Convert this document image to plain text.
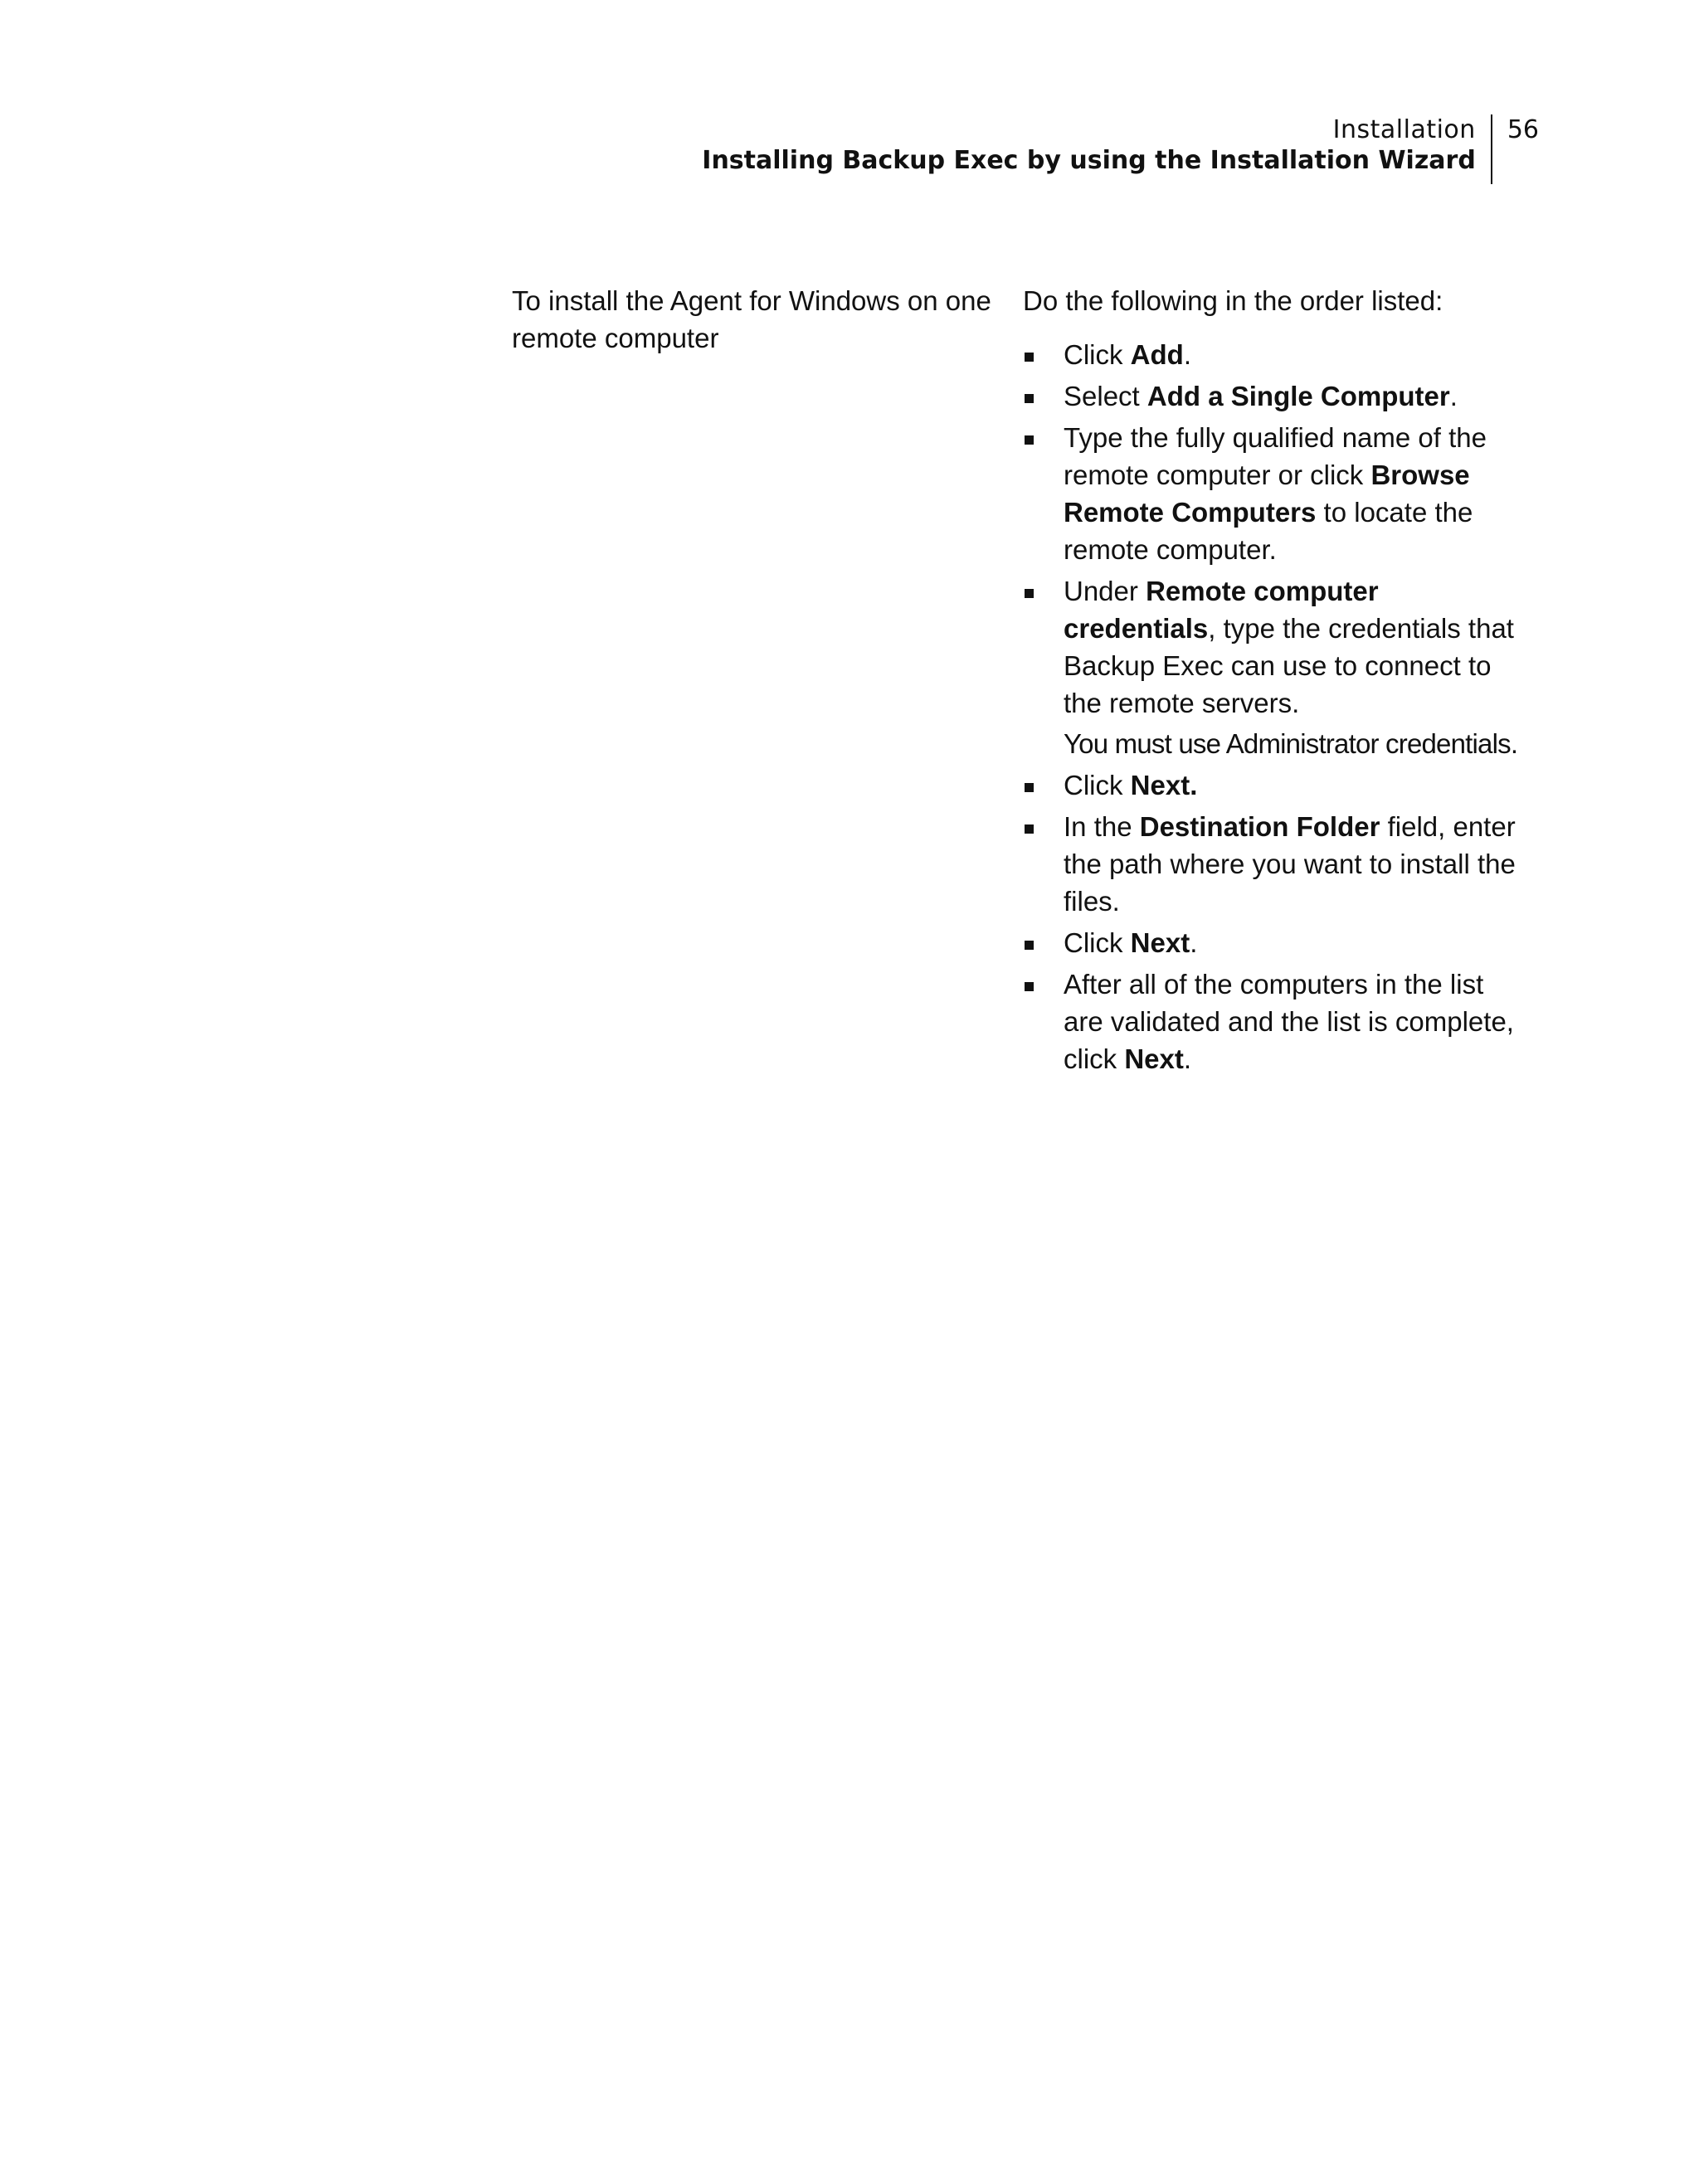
Installation
Installing Backup Exec by using the Installation Wizard
56
To install the Agent for Windows on one remote computer

Do the following in the order listed:

Click Add.
Select Add a Single Computer.
Type the fully qualified name of the remote computer or click Browse Remote Computers to locate the remote computer.
Under Remote computer credentials, type the credentials that Backup Exec can use to connect to the remote servers.
You must use Administrator credentials.
Click Next.
In the Destination Folder field, enter the path where you want to install the files.
Click Next.
After all of the computers in the list are validated and the list is complete, click Next.
